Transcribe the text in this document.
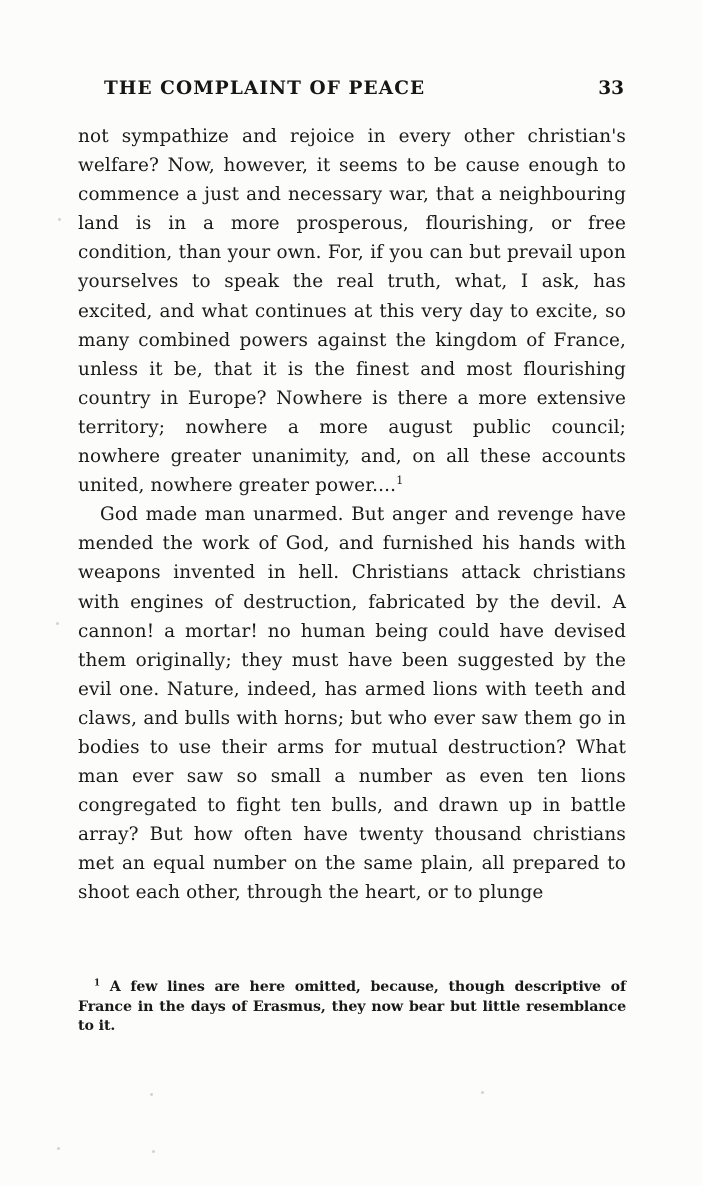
THE COMPLAINT OF PEACE	33

not sympathize and rejoice in every other christian's welfare? Now, however, it seems to be cause enough to commence a just and necessary war, that a neighbouring land is in a more prosperous, flourishing, or free condition, than your own. For, if you can but prevail upon yourselves to speak the real truth, what, I ask, has excited, and what continues at this very day to excite, so many combined powers against the kingdom of France, unless it be, that it is the finest and most flourishing country in Europe? Nowhere is there a more extensive territory; nowhere a more august public council; nowhere greater unanimity, and, on all these accounts united, nowhere greater power....$^1$

God made man unarmed. But anger and revenge have mended the work of God, and furnished his hands with weapons invented in hell. Christians attack christians with engines of destruction, fabricated by the devil. A cannon! a mortar! no human being could have devised them originally; they must have been suggested by the evil one. Nature, indeed, has armed lions with teeth and claws, and bulls with horns; but who ever saw them go in bodies to use their arms for mutual destruction? What man ever saw so small a number as even ten lions congregated to fight ten bulls, and drawn up in battle array? But how often have twenty thousand christians met an equal number on the same plain, all prepared to shoot each other, through the heart, or to plunge

$^1$ A few lines are here omitted, because, though descriptive of France in the days of Erasmus, they now bear but little resemblance to it.
